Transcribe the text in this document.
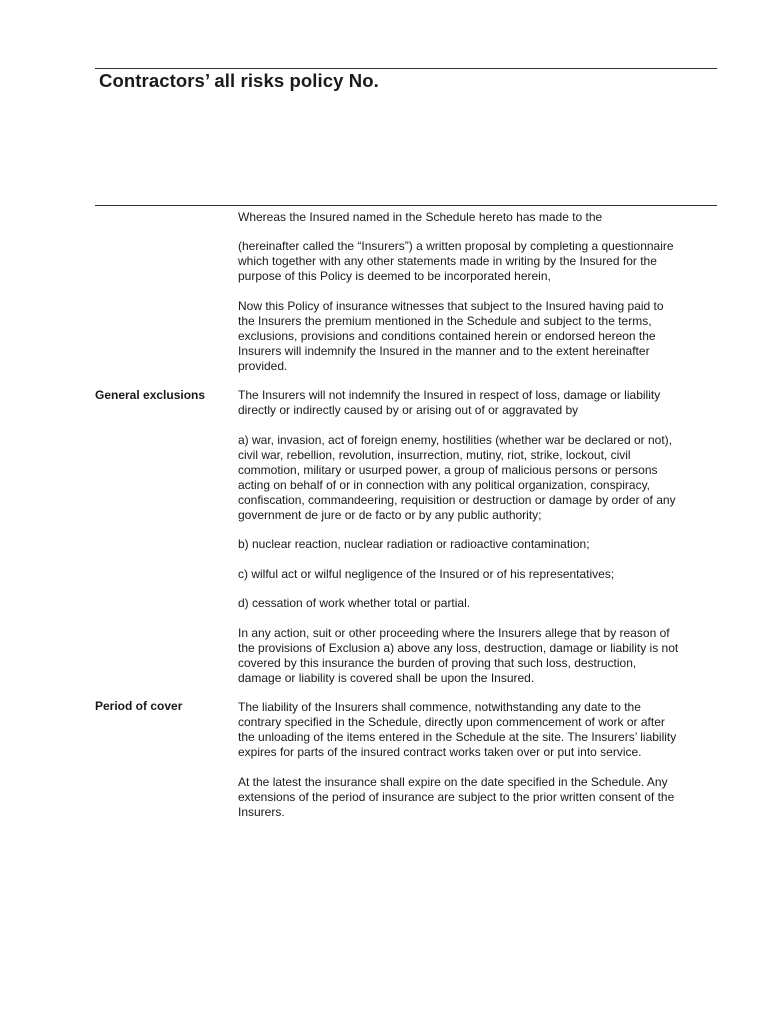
Contractors’ all risks policy No.

Whereas the Insured named in the Schedule hereto has made to the

(hereinafter called the “Insurers”) a written proposal by completing a questionnaire
which together with any other statements made in writing by the Insured for the
purpose of this Policy is deemed to be incorporated herein,

Now this Policy of insurance witnesses that subject to the Insured having paid to
the Insurers the premium mentioned in the Schedule and subject to the terms,
exclusions, provisions and conditions contained herein or endorsed hereon the
Insurers will indemnify the Insured in the manner and to the extent hereinafter
provided.

General exclusions	The Insurers will not indemnify the Insured in respect of loss, damage or liability
directly or indirectly caused by or arising out of or aggravated by

a) war, invasion, act of foreign enemy, hostilities (whether war be declared or not),
civil war, rebellion, revolution, insurrection, mutiny, riot, strike, lockout, civil
commotion, military or usurped power, a group of malicious persons or persons
acting on behalf of or in connection with any political organization, conspiracy,
confiscation, commandeering, requisition or destruction or damage by order of any
government de jure or de facto or by any public authority;

b) nuclear reaction, nuclear radiation or radioactive contamination;

c) wilful act or wilful negligence of the Insured or of his representatives;

d) cessation of work whether total or partial.

In any action, suit or other proceeding where the Insurers allege that by reason of
the provisions of Exclusion a) above any loss, destruction, damage or liability is not
covered by this insurance the burden of proving that such loss, destruction,
damage or liability is covered shall be upon the Insured.

Period of cover	The liability of the Insurers shall commence, notwithstanding any date to the
contrary specified in the Schedule, directly upon commencement of work or after
the unloading of the items entered in the Schedule at the site. The Insurers’ liability
expires for parts of the insured contract works taken over or put into service.

At the latest the insurance shall expire on the date specified in the Schedule. Any
extensions of the period of insurance are subject to the prior written consent of the
Insurers.
